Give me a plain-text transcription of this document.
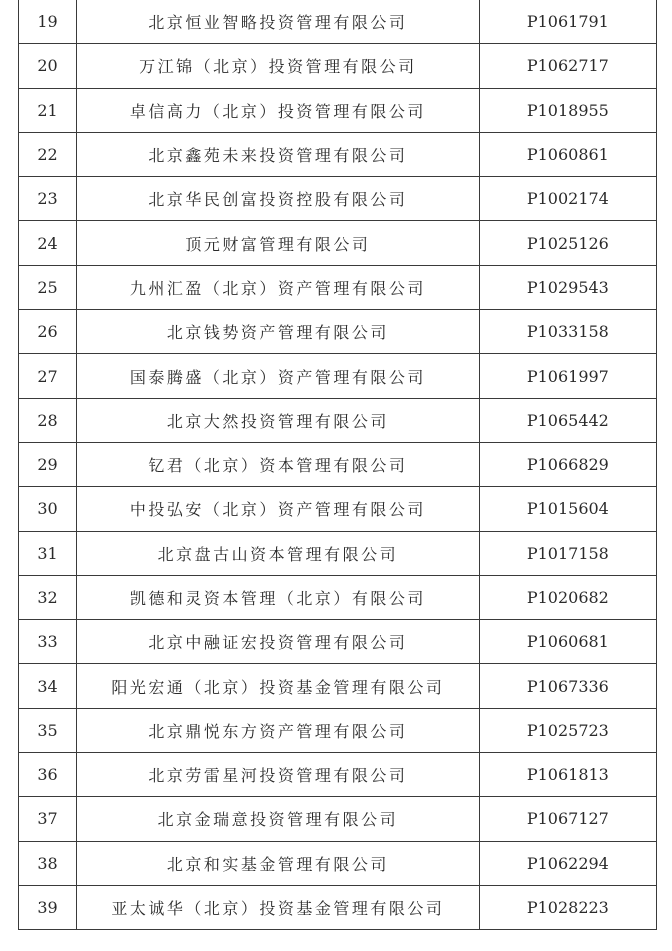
19	北京恒业智略投资管理有限公司	P1061791
20	万江锦（北京）投资管理有限公司	P1062717
21	卓信高力（北京）投资管理有限公司	P1018955
22	北京鑫苑未来投资管理有限公司	P1060861
23	北京华民创富投资控股有限公司	P1002174
24	顶元财富管理有限公司	P1025126
25	九州汇盈（北京）资产管理有限公司	P1029543
26	北京钱势资产管理有限公司	P1033158
27	国泰腾盛（北京）资产管理有限公司	P1061997
28	北京大然投资管理有限公司	P1065442
29	钇君（北京）资本管理有限公司	P1066829
30	中投弘安（北京）资产管理有限公司	P1015604
31	北京盘古山资本管理有限公司	P1017158
32	凯德和灵资本管理（北京）有限公司	P1020682
33	北京中融证宏投资管理有限公司	P1060681
34	阳光宏通（北京）投资基金管理有限公司	P1067336
35	北京鼎悦东方资产管理有限公司	P1025723
36	北京劳雷星河投资管理有限公司	P1061813
37	北京金瑞意投资管理有限公司	P1067127
38	北京和实基金管理有限公司	P1062294
39	亚太诚华（北京）投资基金管理有限公司	P1028223
